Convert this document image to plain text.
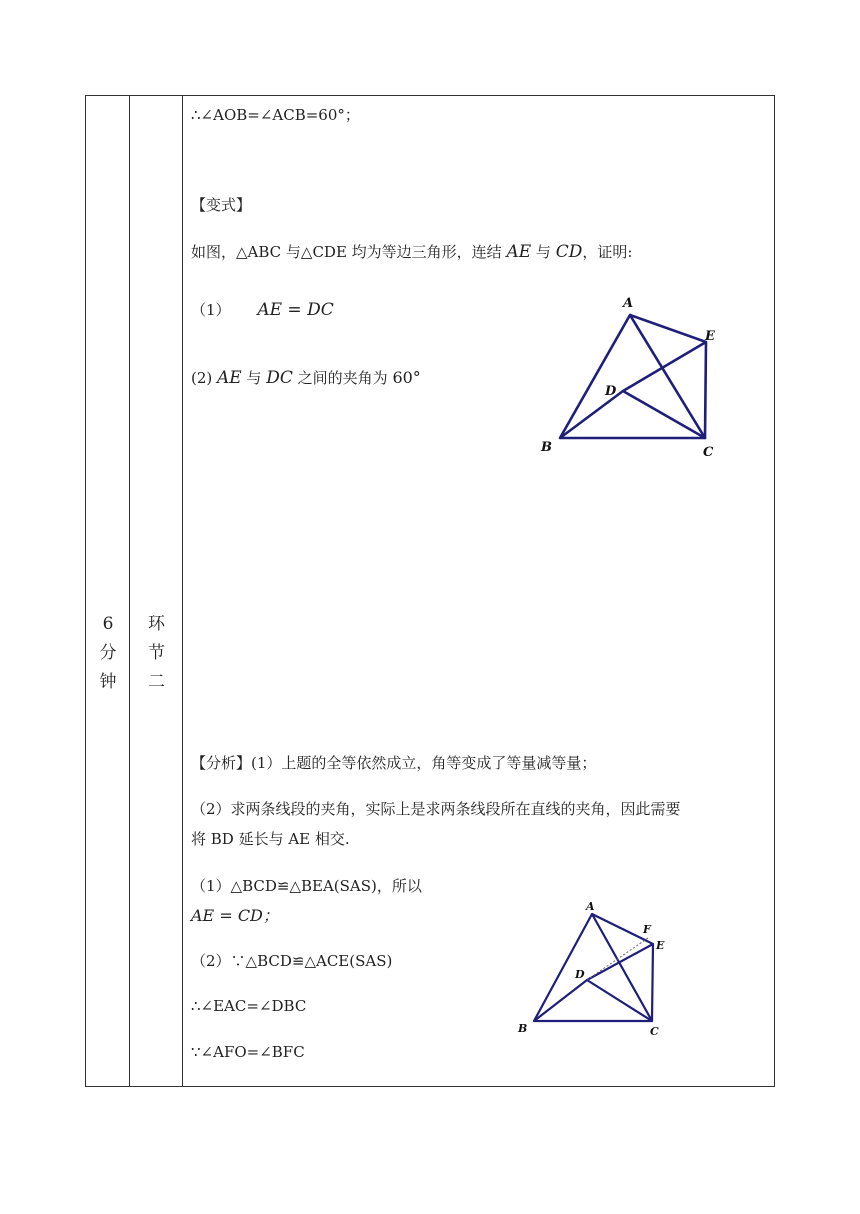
6
分
钟
环
节
二
∴∠AOB=∠ACB=60°；
【变式】
如图，△ABC 与△CDE 均为等边三角形，连结 AE 与 CD，证明:
（1） AE = DC
(2) AE 与 DC 之间的夹角为 60°
A
E
D
B	C
【分析】(1）上题的全等依然成立，角等变成了等量减等量；
（2）求两条线段的夹角，实际上是求两条线段所在直线的夹角，因此需要
将 BD 延长与 AE 相交.
（1）△BCD≌△BEA(SAS)，所以
AE = CD；
（2）∵△BCD≌△ACE(SAS)
∴∠EAC=∠DBC
∵∠AFO=∠BFC
A
F
E
D
B	C
